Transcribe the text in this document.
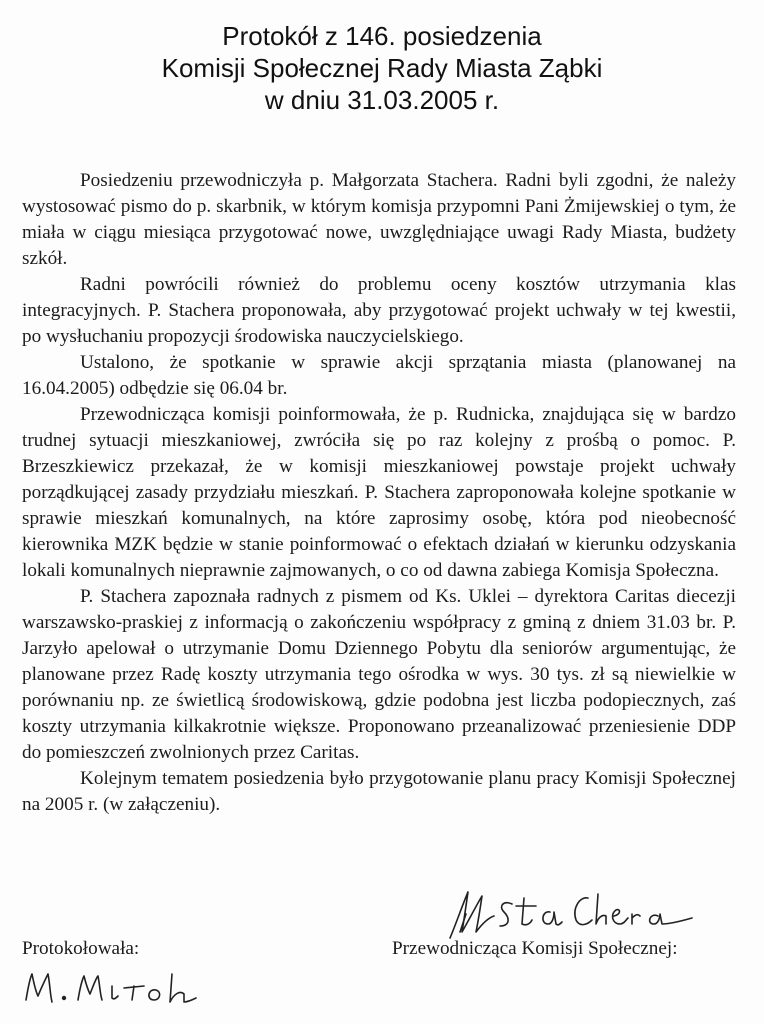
Protokół z 146. posiedzenia
Komisji Społecznej Rady Miasta Ząbki
w dniu 31.03.2005 r.

Posiedzeniu przewodniczyła p. Małgorzata Stachera. Radni byli zgodni, że należy wystosować pismo do p. skarbnik, w którym komisja przypomni Pani Żmijewskiej o tym, że miała w ciągu miesiąca przygotować nowe, uwzględniające uwagi Rady Miasta, budżety szkół.

Radni powrócili również do problemu oceny kosztów utrzymania klas integracyjnych. P. Stachera proponowała, aby przygotować projekt uchwały w tej kwestii, po wysłuchaniu propozycji środowiska nauczycielskiego.

Ustalono, że spotkanie w sprawie akcji sprzątania miasta (planowanej na 16.04.2005) odbędzie się 06.04 br.

Przewodnicząca komisji poinformowała, że p. Rudnicka, znajdująca się w bardzo trudnej sytuacji mieszkaniowej, zwróciła się po raz kolejny z prośbą o pomoc. P. Brzeszkiewicz przekazał, że w komisji mieszkaniowej powstaje projekt uchwały porządkującej zasady przydziału mieszkań. P. Stachera zaproponowała kolejne spotkanie w sprawie mieszkań komunalnych, na które zaprosimy osobę, która pod nieobecność kierownika MZK będzie w stanie poinformować o efektach działań w kierunku odzyskania lokali komunalnych nieprawnie zajmowanych, o co od dawna zabiega Komisja Społeczna.

P. Stachera zapoznała radnych z pismem od Ks. Uklei – dyrektora Caritas diecezji warszawsko-praskiej z informacją o zakończeniu współpracy z gminą z dniem 31.03 br. P. Jarzyło apelował o utrzymanie Domu Dziennego Pobytu dla seniorów argumentując, że planowane przez Radę koszty utrzymania tego ośrodka w wys. 30 tys. zł są niewielkie w porównaniu np. ze świetlicą środowiskową, gdzie podobna jest liczba podopiecznych, zaś koszty utrzymania kilkakrotnie większe. Proponowano przeanalizować przeniesienie DDP do pomieszczeń zwolnionych przez Caritas.

Kolejnym tematem posiedzenia było przygotowanie planu pracy Komisji Społecznej na 2005 r. (w załączeniu).

Protokołowała:	Przewodnicząca Komisji Społecznej:
